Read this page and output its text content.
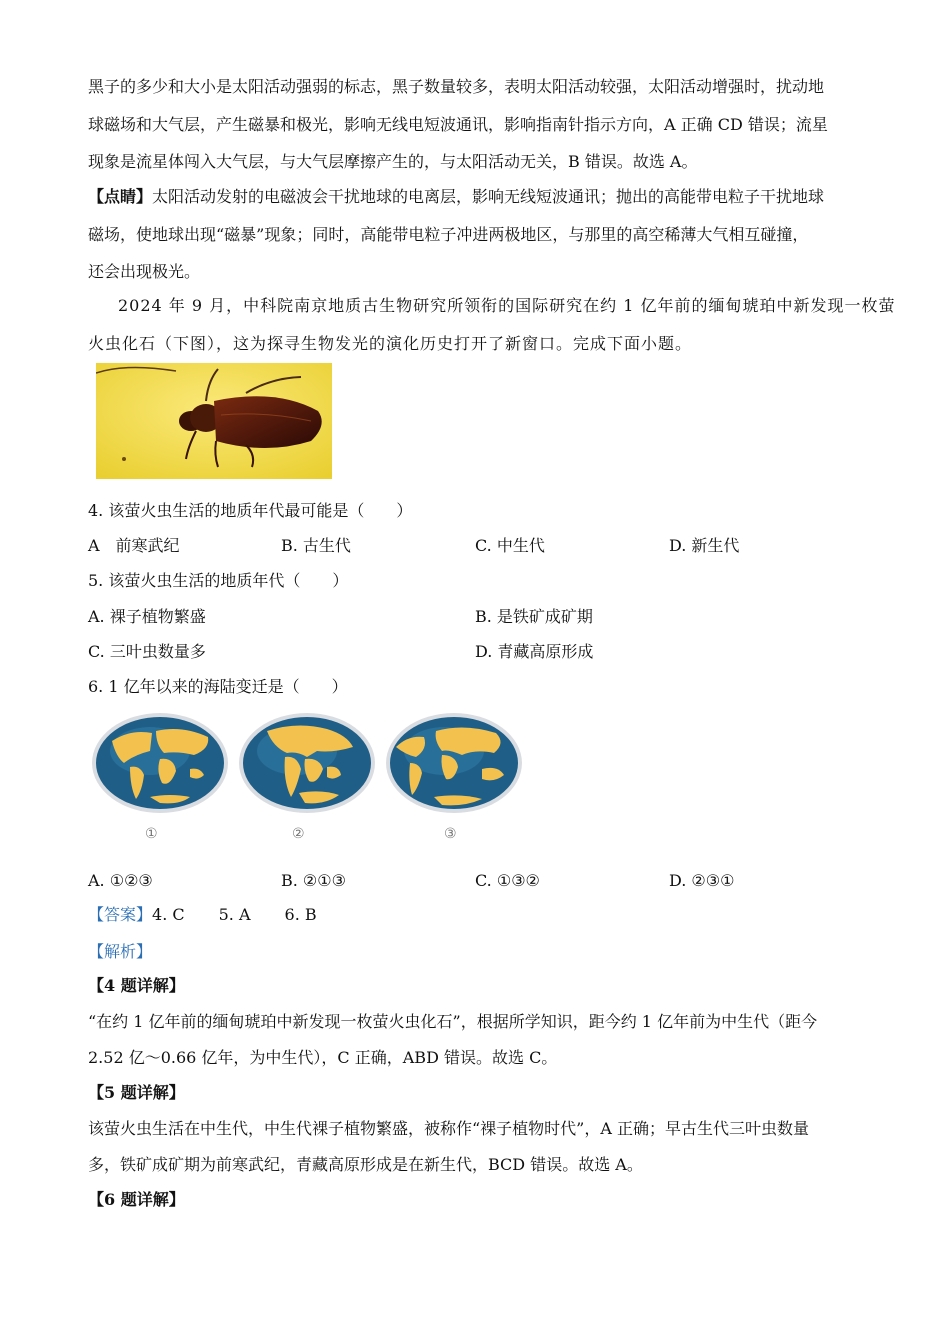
黑子的多少和大小是太阳活动强弱的标志，黑子数量较多，表明太阳活动较强，太阳活动增强时，扰动地
球磁场和大气层，产生磁暴和极光，影响无线电短波通讯，影响指南针指示方向，A 正确 CD 错误；流星
现象是流星体闯入大气层，与大气层摩擦产生的，与太阳活动无关，B 错误。故选 A。
【点睛】太阳活动发射的电磁波会干扰地球的电离层，影响无线短波通讯；抛出的高能带电粒子干扰地球
磁场，使地球出现“磁暴”现象；同时，高能带电粒子冲进两极地区，与那里的高空稀薄大气相互碰撞，
还会出现极光。
2024 年 9 月，中科院南京地质古生物研究所领衔的国际研究在约 1 亿年前的缅甸琥珀中新发现一枚萤
火虫化石（下图），这为探寻生物发光的演化历史打开了新窗口。完成下面小题。
4. 该萤火虫生活的地质年代最可能是（　　）
A　前寒武纪	B. 古生代	C. 中生代	D. 新生代
5. 该萤火虫生活的地质年代（　　）
A. 裸子植物繁盛	B. 是铁矿成矿期
C. 三叶虫数量多	D. 青藏高原形成
6. 1 亿年以来的海陆变迁是（　　）
①	②	③
A. ①②③	B. ②①③	C. ①③②	D. ②③①
【答案】4. C 5. A 6. B
【解析】
【4 题详解】
“在约 1 亿年前的缅甸琥珀中新发现一枚萤火虫化石”，根据所学知识，距今约 1 亿年前为中生代（距今
2.52 亿～0.66 亿年，为中生代），C 正确，ABD 错误。故选 C。
【5 题详解】
该萤火虫生活在中生代，中生代裸子植物繁盛，被称作“裸子植物时代”，A 正确；早古生代三叶虫数量
多，铁矿成矿期为前寒武纪，青藏高原形成是在新生代，BCD 错误。故选 A。
【6 题详解】
